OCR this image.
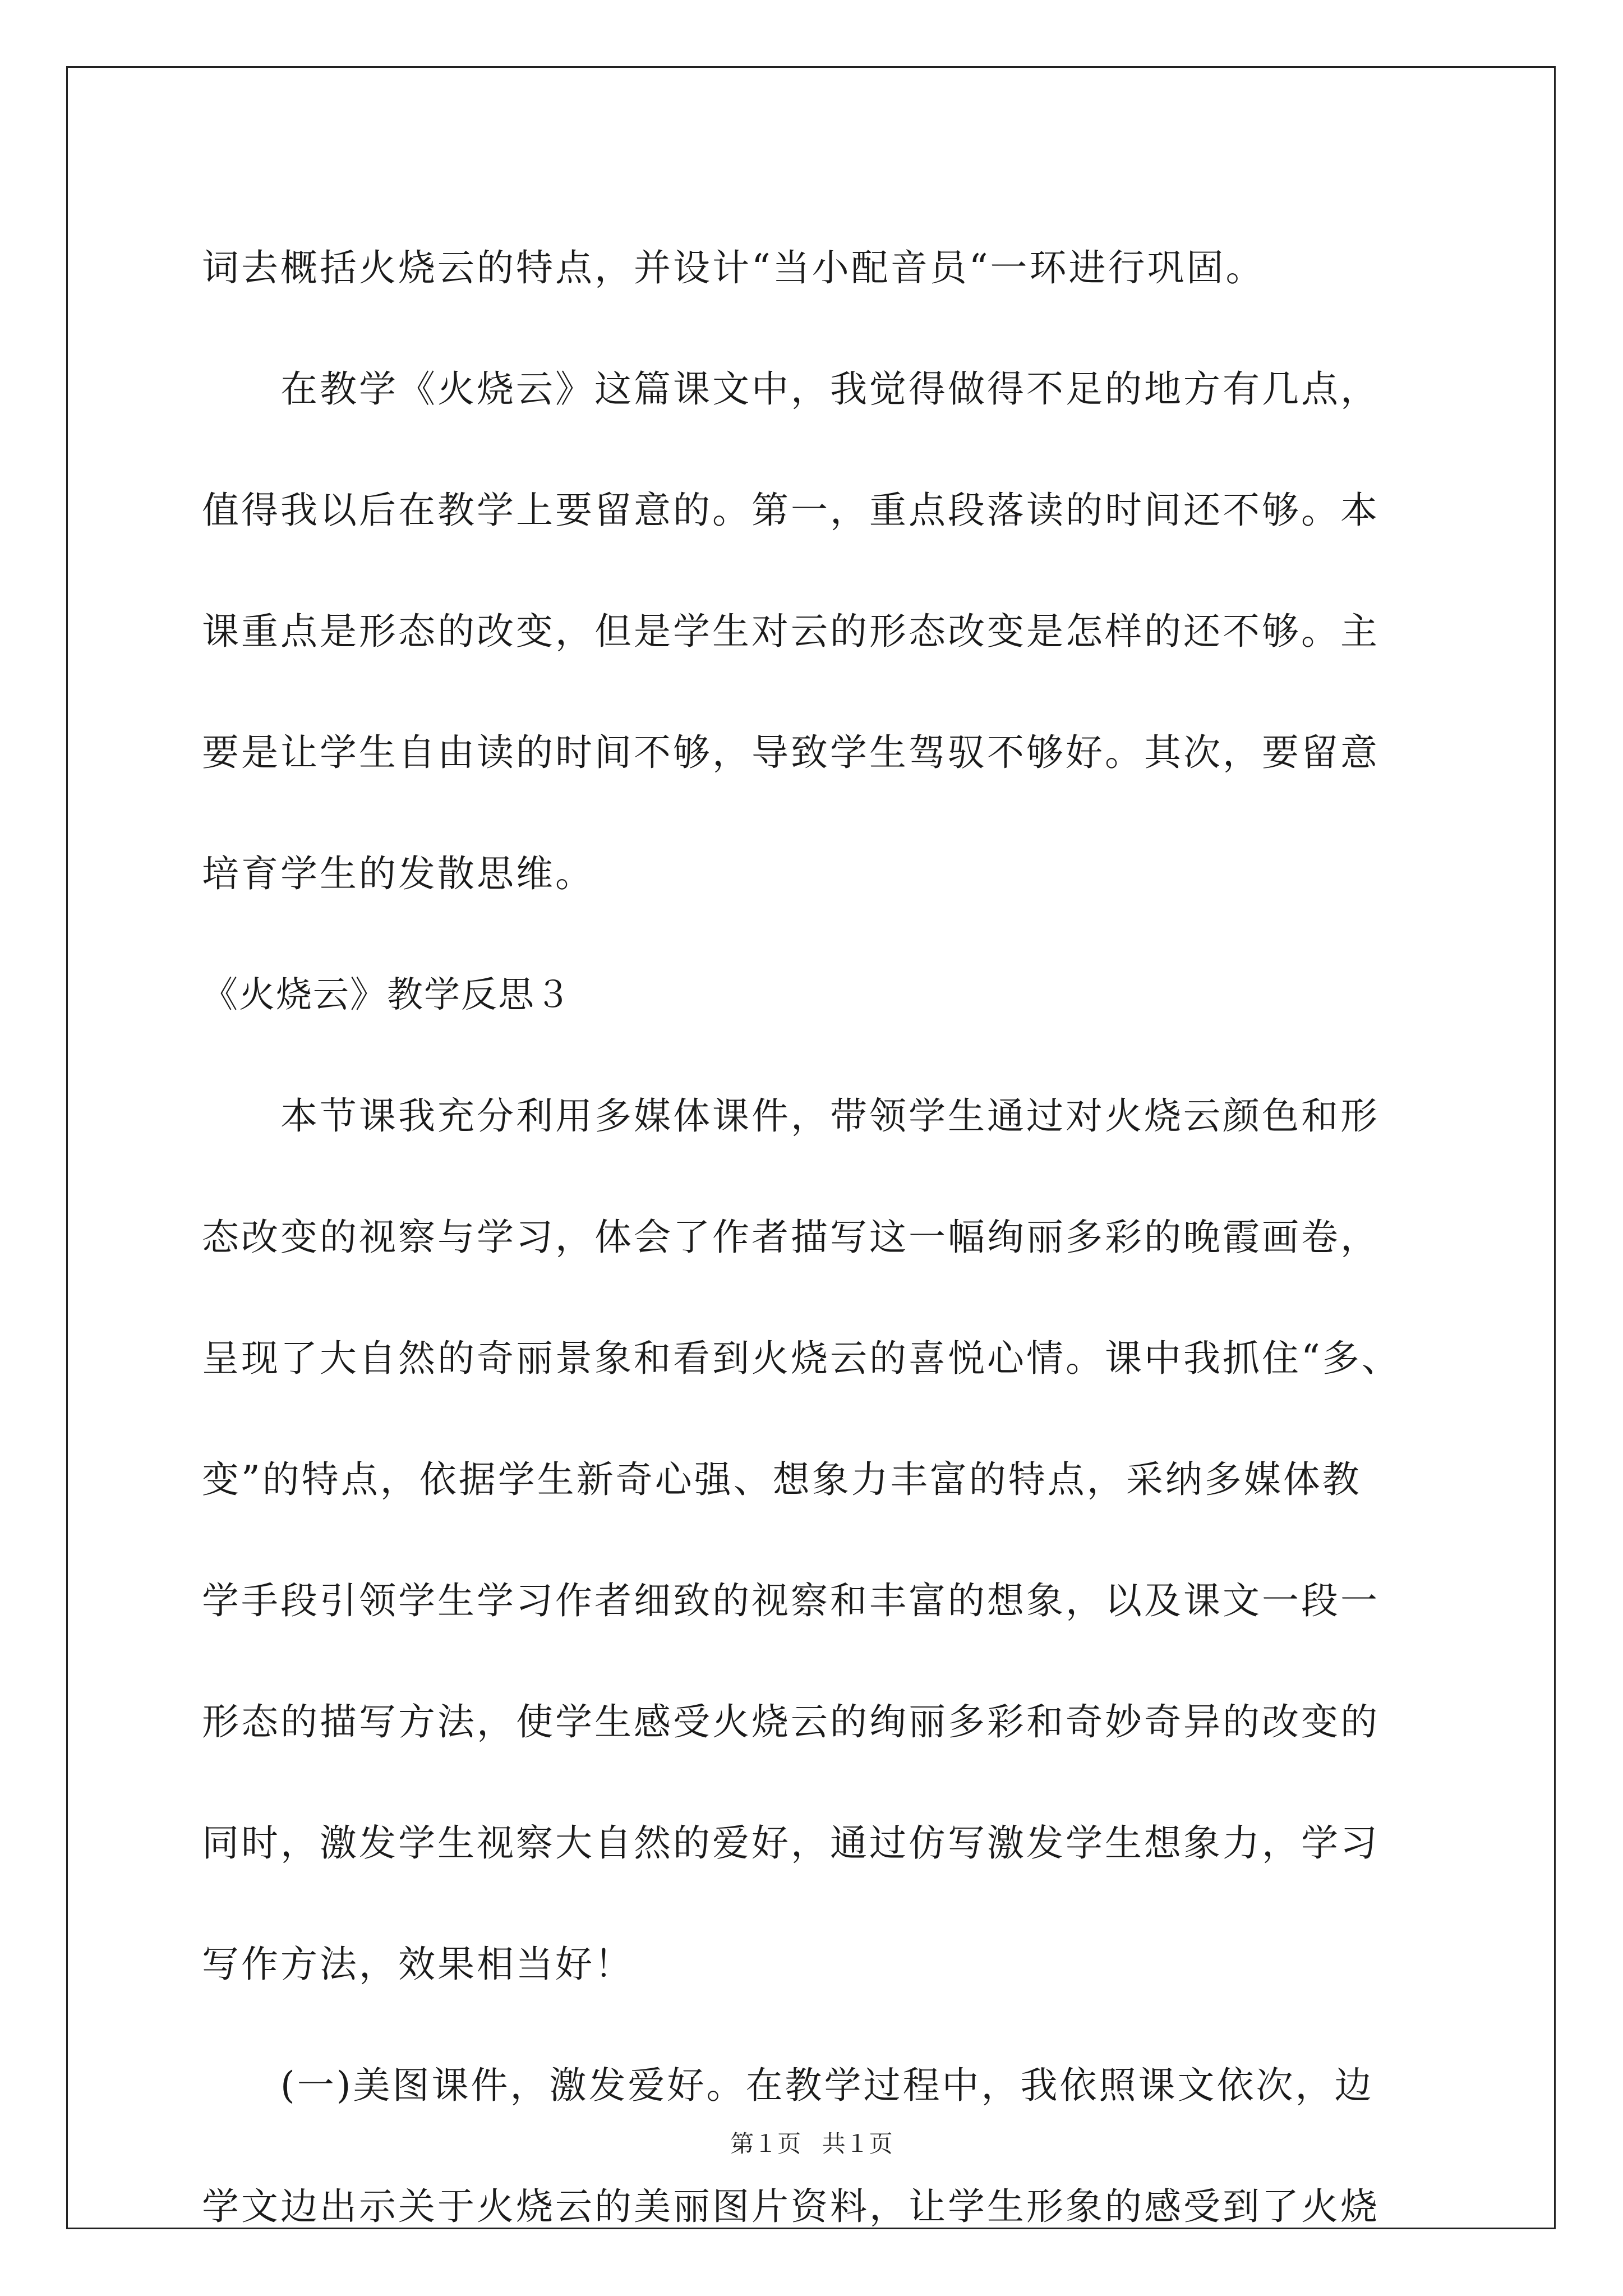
词去概括火烧云的特点，并设计“当小配音员“一环进行巩固。
在教学《火烧云》这篇课文中，我觉得做得不足的地方有几点，
值得我以后在教学上要留意的。第一，重点段落读的时间还不够。本
课重点是形态的改变，但是学生对云的形态改变是怎样的还不够。主
要是让学生自由读的时间不够，导致学生驾驭不够好。其次，要留意
培育学生的发散思维。
《火烧云》教学反思３
本节课我充分利用多媒体课件，带领学生通过对火烧云颜色和形
态改变的视察与学习，体会了作者描写这一幅绚丽多彩的晚霞画卷，
呈现了大自然的奇丽景象和看到火烧云的喜悦心情。课中我抓住“多、
变”的特点，依据学生新奇心强、想象力丰富的特点，采纳多媒体教
学手段引领学生学习作者细致的视察和丰富的想象，以及课文一段一
形态的描写方法，使学生感受火烧云的绚丽多彩和奇妙奇异的改变的
同时，激发学生视察大自然的爱好，通过仿写激发学生想象力，学习
写作方法，效果相当好！
(一)美图课件，激发爱好。在教学过程中，我依照课文依次，边
学文边出示关于火烧云的美丽图片资料，让学生形象的感受到了火烧
第１页 共１页
